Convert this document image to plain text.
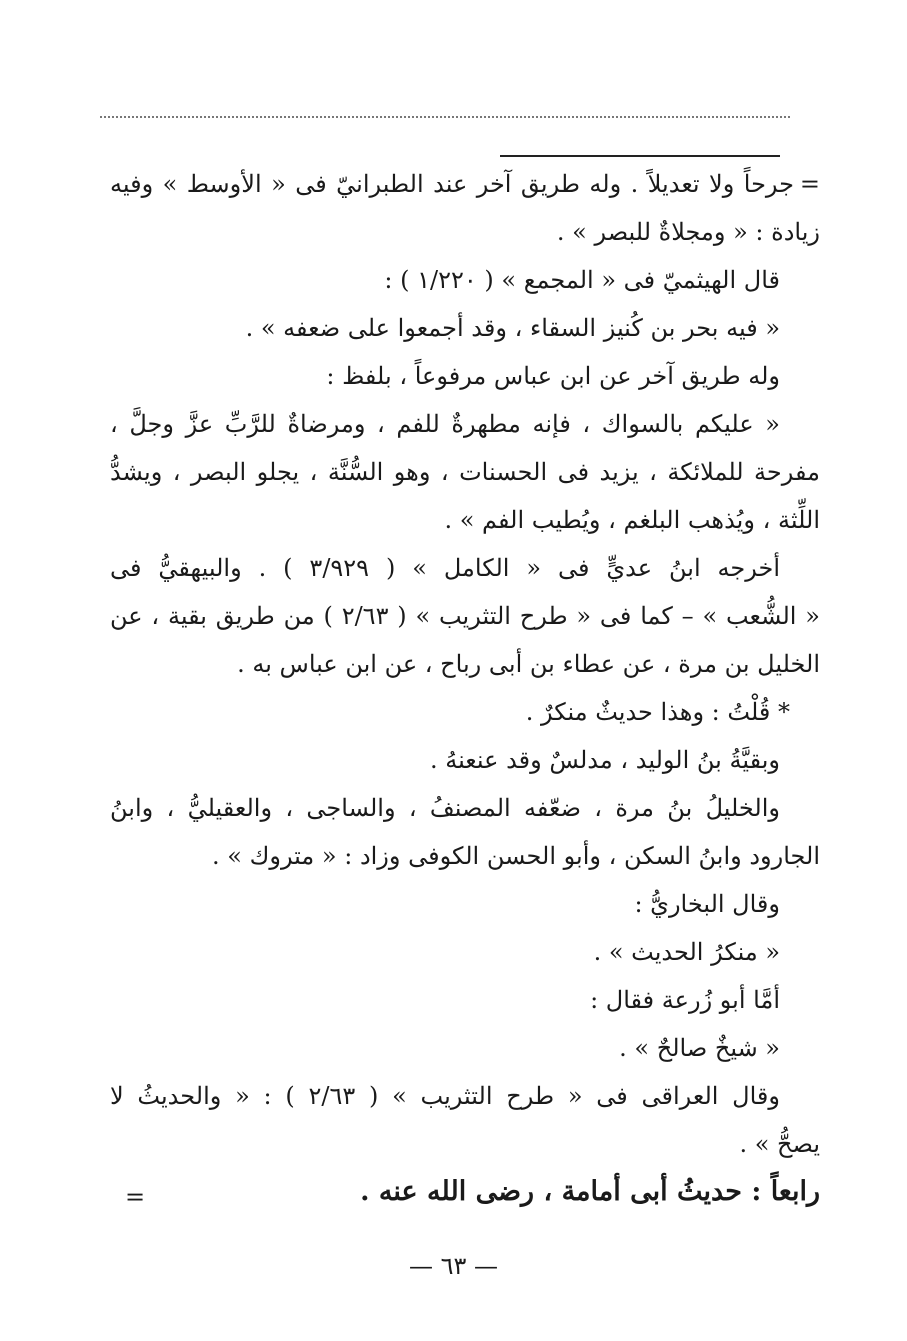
=
جرحاً ولا تعديلاً . وله طريق آخر عند الطبرانيّ فى « الأوسط » وفيه
زيادة : « ومجلاةٌ للبصر » .
قال الهيثميّ فى « المجمع » ( ١/٢٢٠ ) :
« فيه بحر بن كُنيز السقاء ، وقد أجمعوا على ضعفه » .
وله طريق آخر عن ابن عباس مرفوعاً ، بلفظ :
« عليكم بالسواك ، فإنه مطهرةٌ للفم ، ومرضاةٌ للرَّبِّ عزَّ وجلَّ ،
مفرحة للملائكة ، يزيد فى الحسنات ، وهو السُّنَّة ، يجلو البصر ، ويشدُّ
اللِّثة ، ويُذهب البلغم ، ويُطيب الفم » .
أخرجه ابنُ عديٍّ فى « الكامل » ( ٣/٩٢٩ ) . والبيهقيُّ فى
« الشُّعب » – كما فى « طرح التثريب » ( ٢/٦٣ ) من طريق بقية ، عن
الخليل بن مرة ، عن عطاء بن أبى رباح ، عن ابن عباس به .
* قُلْتُ : وهذا حديثٌ منكرٌ .
وبقيَّةُ بنُ الوليد ، مدلسٌ وقد عنعنهُ .
والخليلُ بنُ مرة ، ضعّفه المصنفُ ، والساجى ، والعقيليُّ ، وابنُ
الجارود وابنُ السكن ، وأبو الحسن الكوفى وزاد : « متروك » .
وقال البخاريُّ :
« منكرُ الحديث » .
أمَّا أبو زُرعة فقال :
« شيخٌ صالحٌ » .
وقال العراقى فى « طرح التثريب » ( ٢/٦٣ ) : « والحديثُ لا
يصحُّ » .
رابعاً : حديثُ أبى أمامة ، رضى الله عنه .
=
— ٦٣ —
